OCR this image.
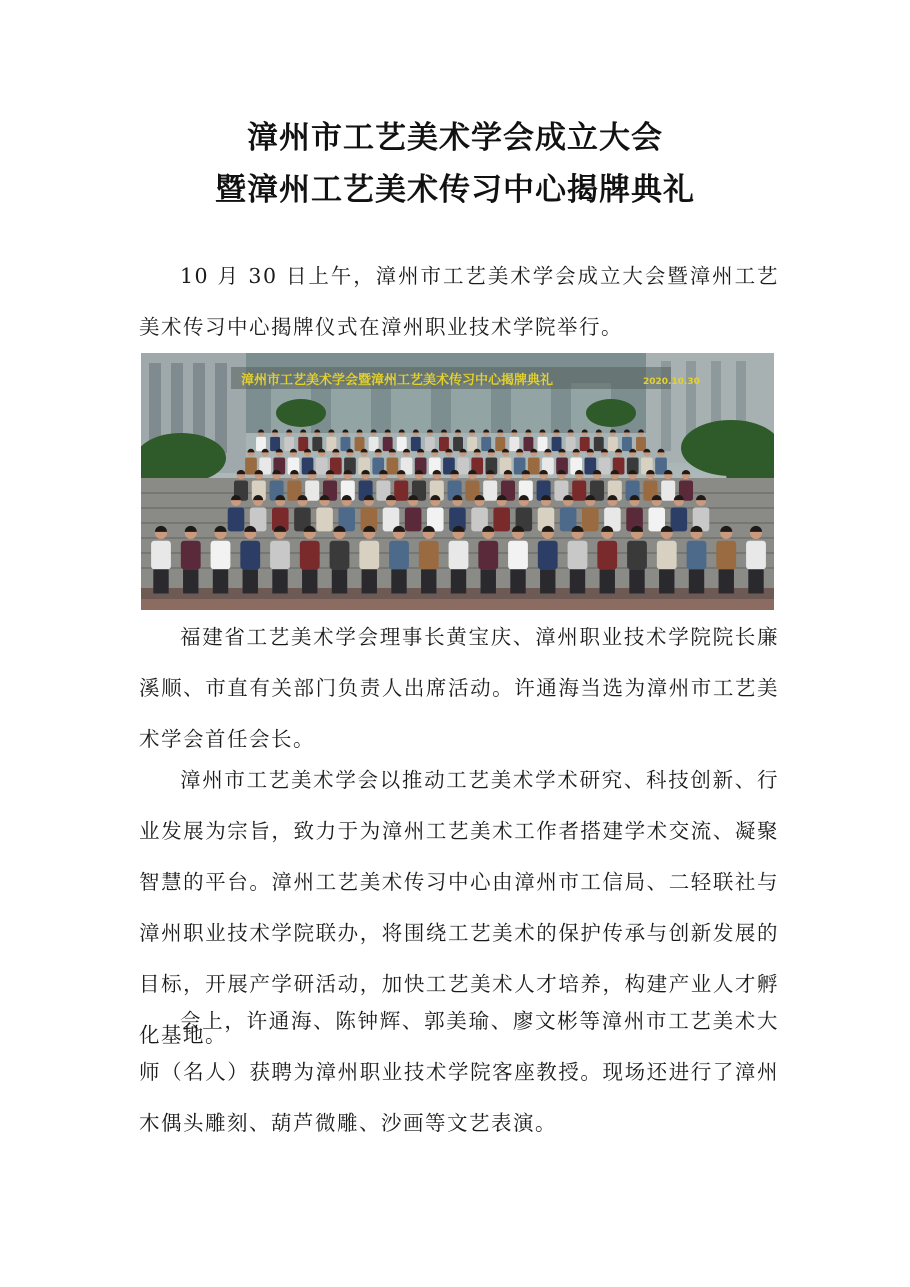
漳州市工艺美术学会成立大会
暨漳州工艺美术传习中心揭牌典礼

10 月 30 日上午，漳州市工艺美术学会成立大会暨漳州工艺美术传习中心揭牌仪式在漳州职业技术学院举行。

漳州市工艺美术学会暨漳州工艺美术传习中心揭牌典礼	2020.10.30

福建省工艺美术学会理事长黄宝庆、漳州职业技术学院院长廉溪顺、市直有关部门负责人出席活动。许通海当选为漳州市工艺美术学会首任会长。

漳州市工艺美术学会以推动工艺美术学术研究、科技创新、行业发展为宗旨，致力于为漳州工艺美术工作者搭建学术交流、凝聚智慧的平台。漳州工艺美术传习中心由漳州市工信局、二轻联社与漳州职业技术学院联办，将围绕工艺美术的保护传承与创新发展的目标，开展产学研活动，加快工艺美术人才培养，构建产业人才孵化基地。

会上，许通海、陈钟辉、郭美瑜、廖文彬等漳州市工艺美术大师（名人）获聘为漳州职业技术学院客座教授。现场还进行了漳州木偶头雕刻、葫芦微雕、沙画等文艺表演。
